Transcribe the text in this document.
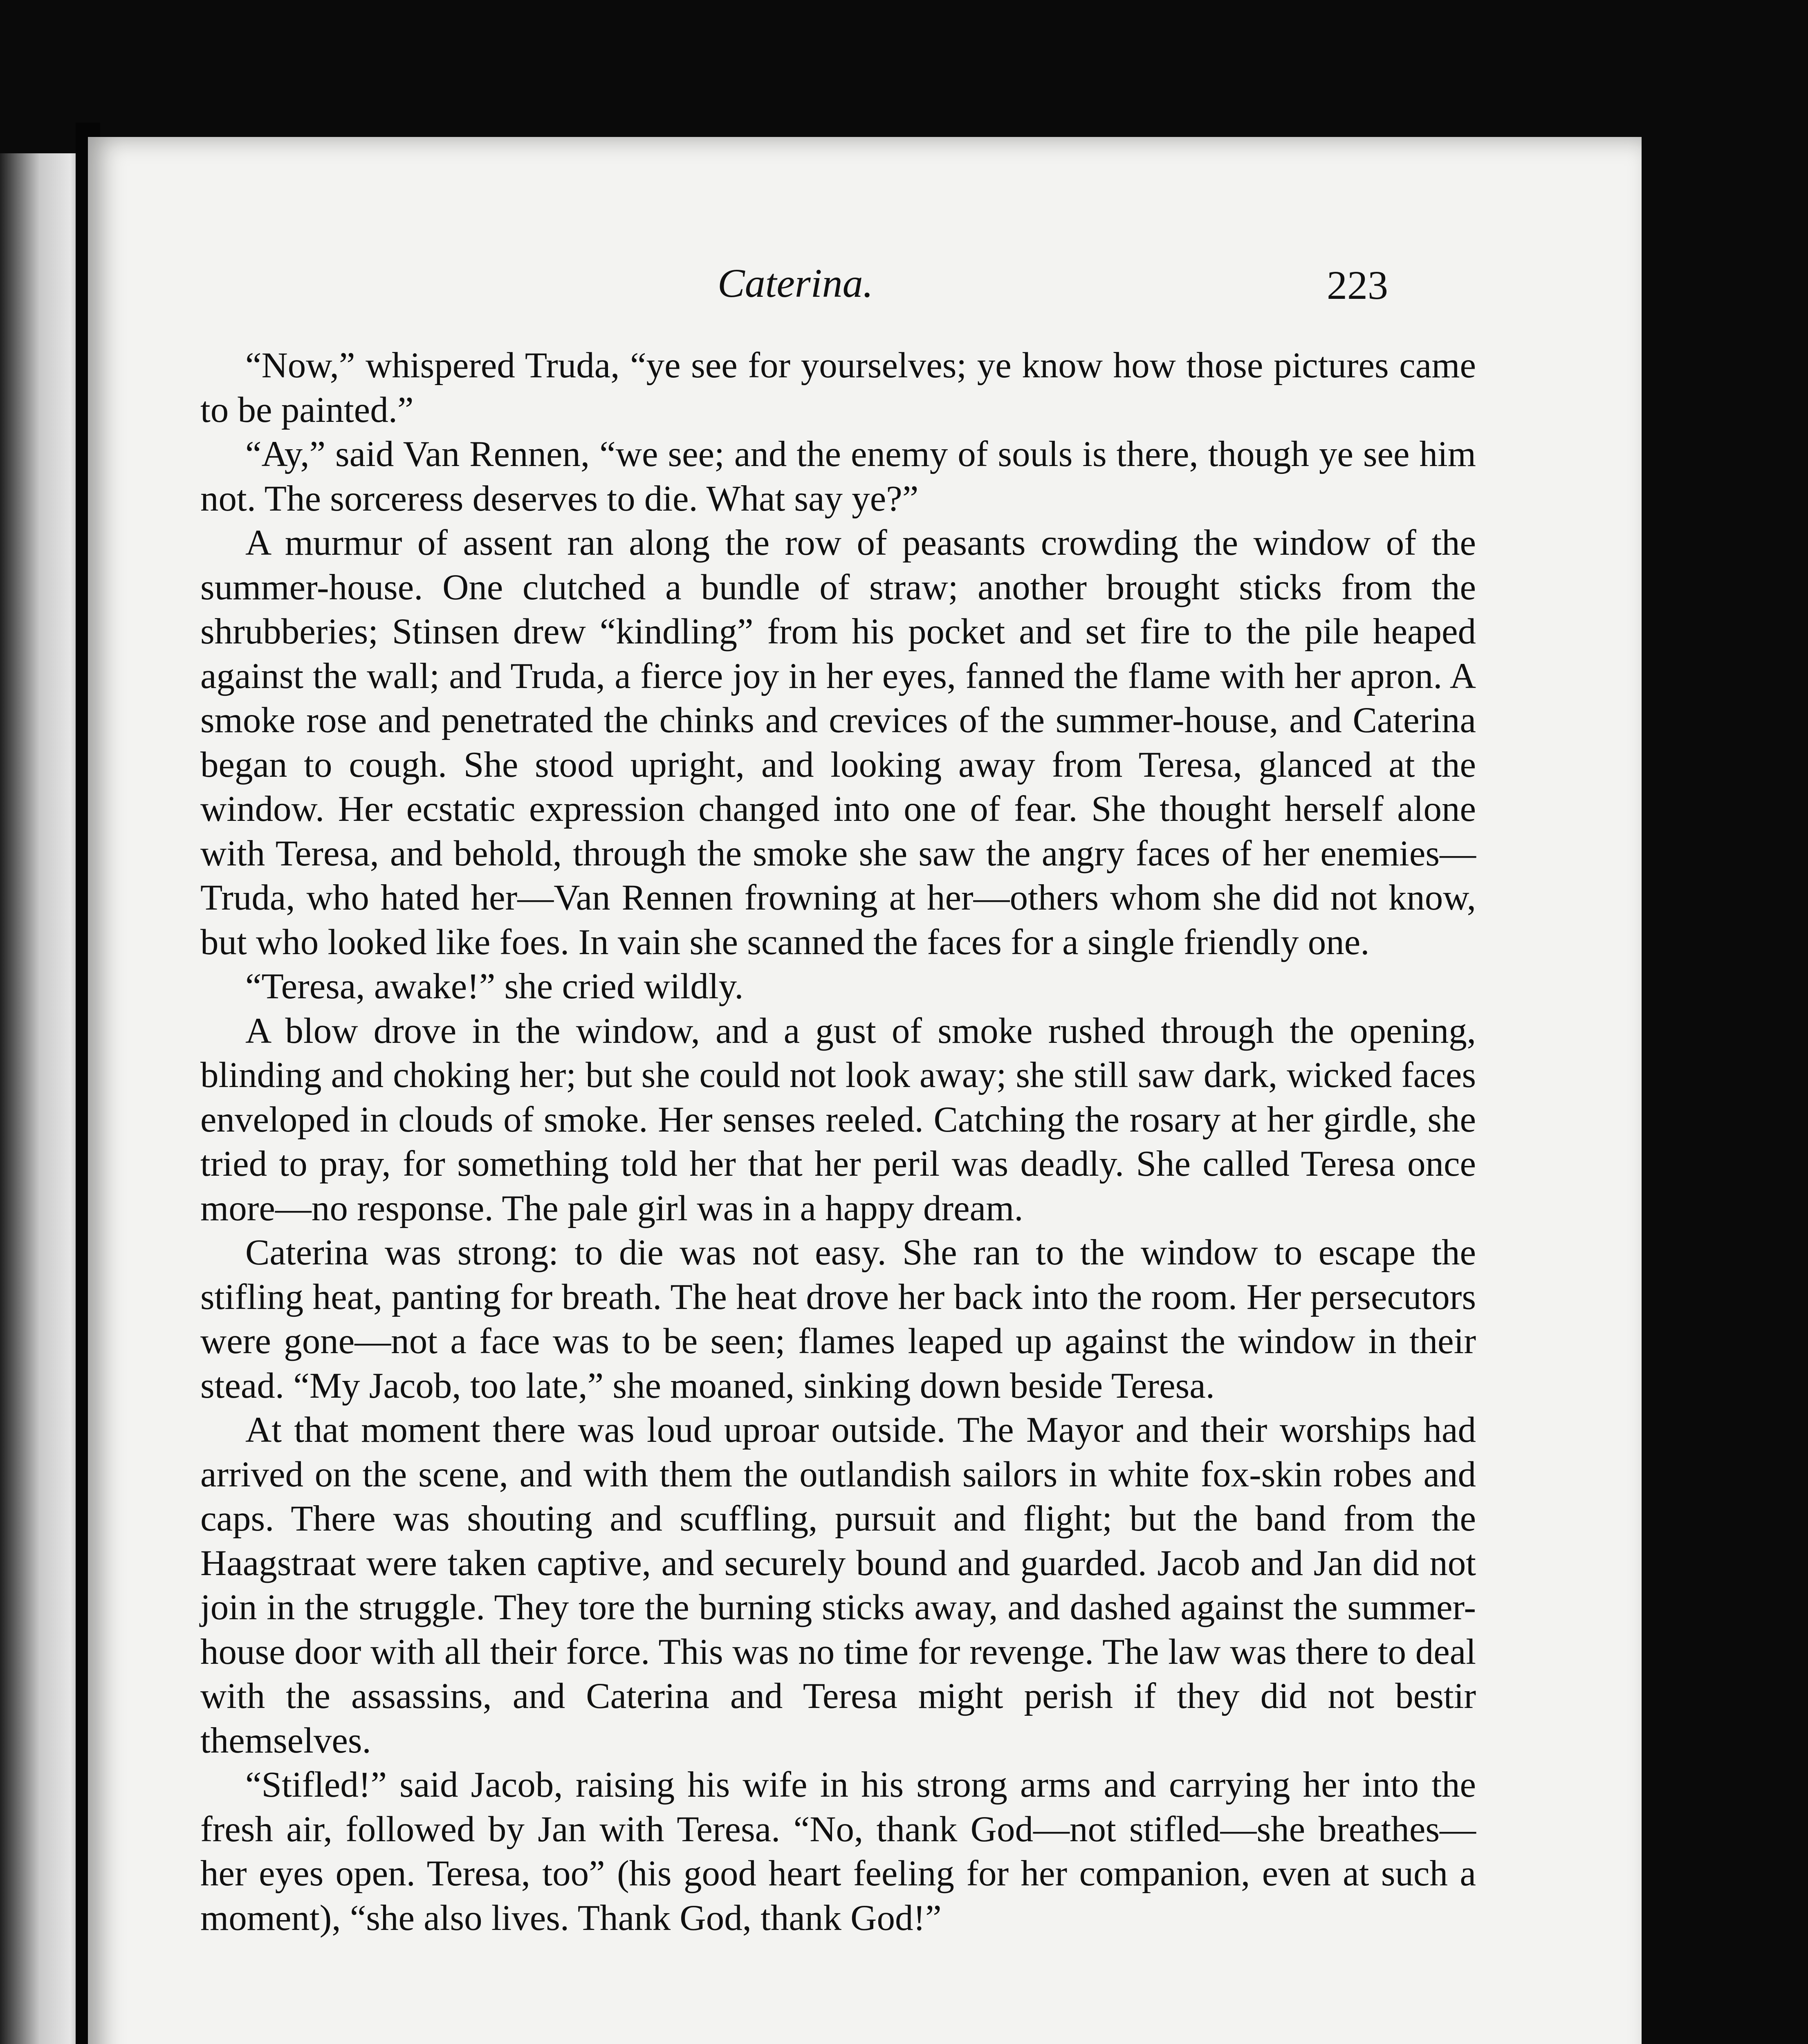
Caterina.	223

“Now,” whispered Truda, “ye see for yourselves; ye know how those pictures came to be painted.”

“Ay,” said Van Rennen, “we see; and the enemy of souls is there, though ye see him not. The sorceress deserves to die. What say ye?”

A murmur of assent ran along the row of peasants crowding the window of the summer-house. One clutched a bundle of straw; another brought sticks from the shrubberies; Stinsen drew “kindling” from his pocket and set fire to the pile heaped against the wall; and Truda, a fierce joy in her eyes, fanned the flame with her apron. A smoke rose and penetrated the chinks and crevices of the summer-house, and Caterina began to cough. She stood upright, and looking away from Teresa, glanced at the window. Her ecstatic expression changed into one of fear. She thought herself alone with Teresa, and behold, through the smoke she saw the angry faces of her enemies—Truda, who hated her—Van Rennen frowning at her—others whom she did not know, but who looked like foes. In vain she scanned the faces for a single friendly one.

“Teresa, awake!” she cried wildly.

A blow drove in the window, and a gust of smoke rushed through the opening, blinding and choking her; but she could not look away; she still saw dark, wicked faces enveloped in clouds of smoke. Her senses reeled. Catching the rosary at her girdle, she tried to pray, for something told her that her peril was deadly. She called Teresa once more—no response. The pale girl was in a happy dream.

Caterina was strong: to die was not easy. She ran to the window to escape the stifling heat, panting for breath. The heat drove her back into the room. Her persecutors were gone—not a face was to be seen; flames leaped up against the window in their stead. “My Jacob, too late,” she moaned, sinking down beside Teresa.

At that moment there was loud uproar outside. The Mayor and their worships had arrived on the scene, and with them the outlandish sailors in white fox-skin robes and caps. There was shouting and scuffling, pursuit and flight; but the band from the Haagstraat were taken captive, and securely bound and guarded. Jacob and Jan did not join in the struggle. They tore the burning sticks away, and dashed against the summer-house door with all their force. This was no time for revenge. The law was there to deal with the assassins, and Caterina and Teresa might perish if they did not bestir themselves.

“Stifled!” said Jacob, raising his wife in his strong arms and carrying her into the fresh air, followed by Jan with Teresa. “No, thank God—not stifled—she breathes—her eyes open. Teresa, too” (his good heart feeling for her companion, even at such a moment), “she also lives. Thank God, thank God!”
